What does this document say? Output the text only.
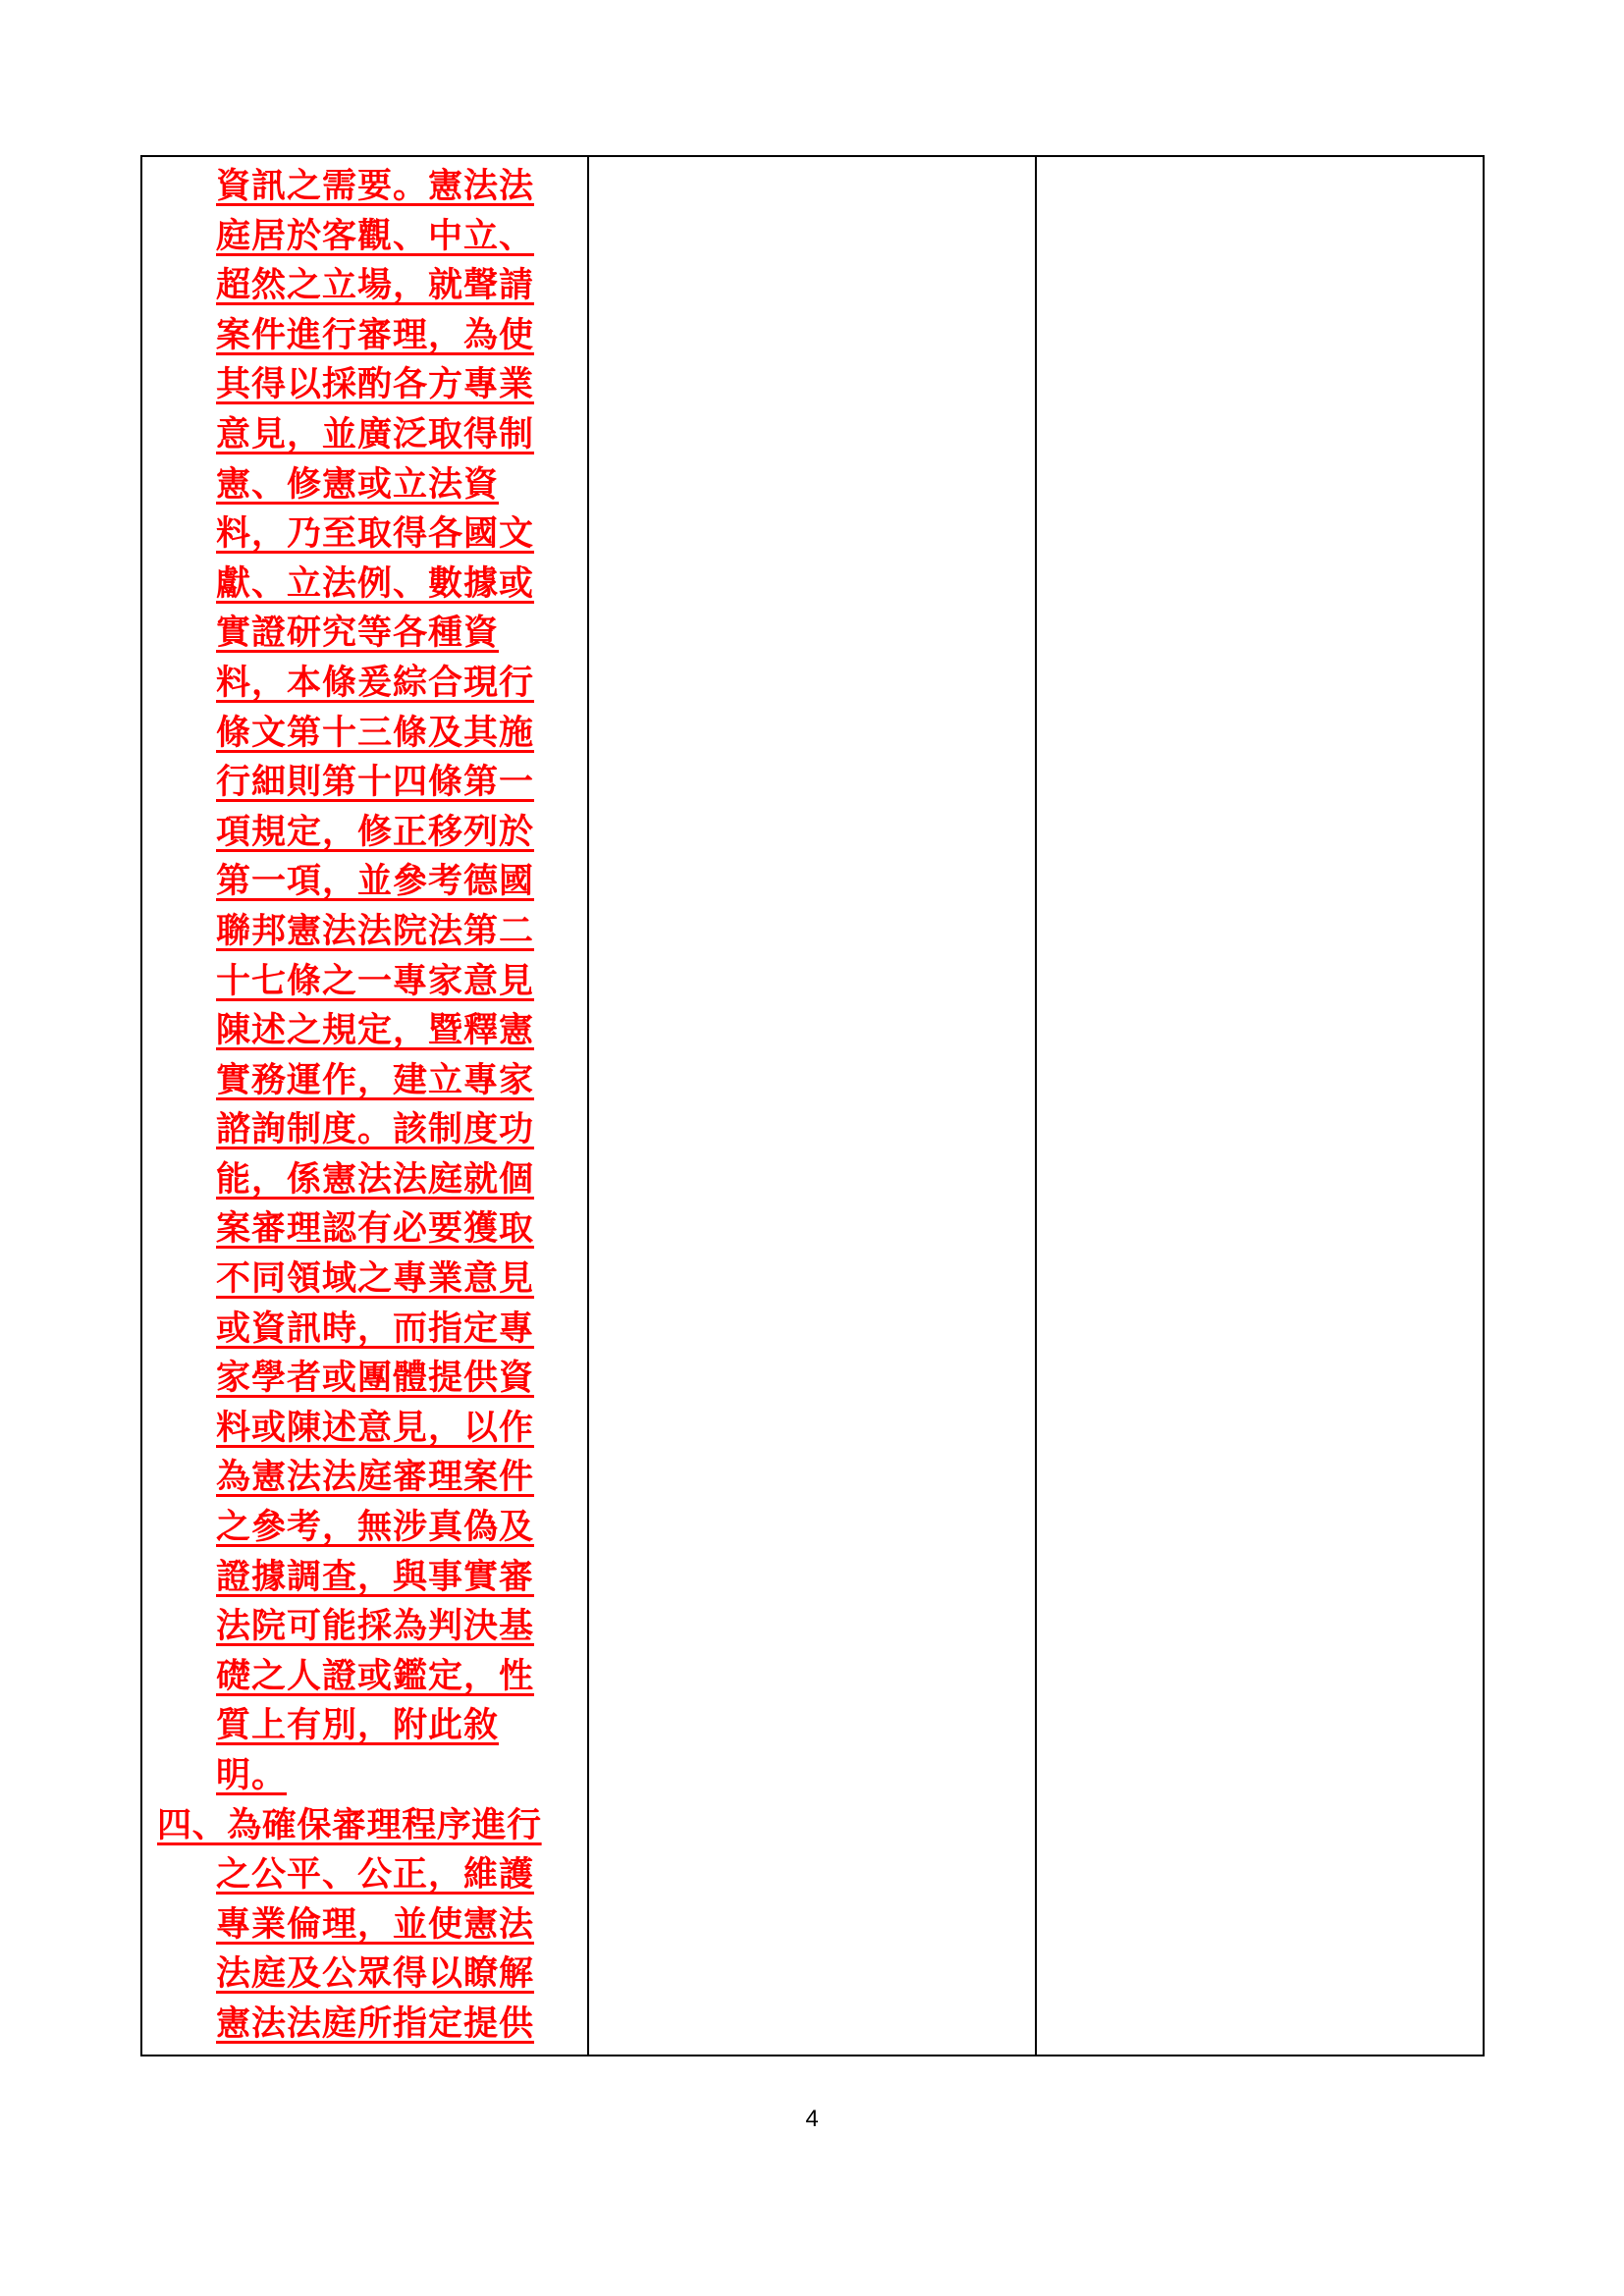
資訊之需要。憲法法
庭居於客觀、中立、
超然之立場，就聲請
案件進行審理，為使
其得以採酌各方專業
意見，並廣泛取得制
憲、修憲或立法資
料，乃至取得各國文
獻、立法例、數據或
實證研究等各種資
料，本條爰綜合現行
條文第十三條及其施
行細則第十四條第一
項規定，修正移列於
第一項，並參考德國
聯邦憲法法院法第二
十七條之一專家意見
陳述之規定，暨釋憲
實務運作，建立專家
諮詢制度。該制度功
能，係憲法法庭就個
案審理認有必要獲取
不同領域之專業意見
或資訊時，而指定專
家學者或團體提供資
料或陳述意見，以作
為憲法法庭審理案件
之參考，無涉真偽及
證據調查，與事實審
法院可能採為判決基
礎之人證或鑑定，性
質上有別，附此敘
明。
四、為確保審理程序進行
之公平、公正，維護
專業倫理，並使憲法
法庭及公眾得以瞭解
憲法法庭所指定提供

4
